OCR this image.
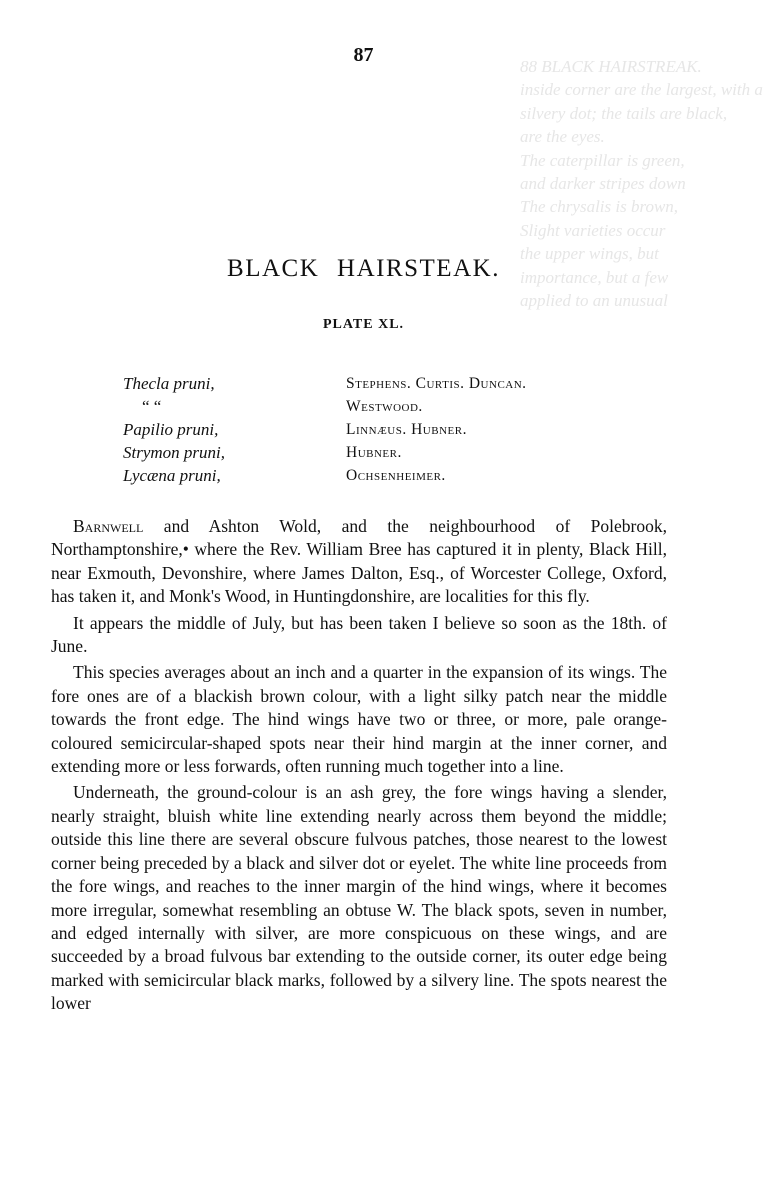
88 BLACK HAIRSTREAK.
inside corner are the largest, with a
silvery dot; the tails are black,
are the eyes.
The caterpillar is green,
and darker stripes down
The chrysalis is brown,
Slight varieties occur
the upper wings, but
importance, but a few
applied to an unusual
87
BLACK HAIRSTEAK.
PLATE XL.
Thecla pruni,	Stephens. Curtis. Duncan.
“ “	Westwood.
Papilio pruni,	Linnæus. Hubner.
Strymon pruni,	Hubner.
Lycæna pruni,	Ochsenheimer.

Barnwell and Ashton Wold, and the neighbourhood of Polebrook, Northamptonshire,• where the Rev. William Bree has captured it in plenty, Black Hill, near Exmouth, Devonshire, where James Dalton, Esq., of Worcester College, Oxford, has taken it, and Monk's Wood, in Huntingdonshire, are localities for this fly.

It appears the middle of July, but has been taken I believe so soon as the 18th. of June.

This species averages about an inch and a quarter in the expansion of its wings. The fore ones are of a blackish brown colour, with a light silky patch near the middle towards the front edge. The hind wings have two or three, or more, pale orange-coloured semicircular-shaped spots near their hind margin at the inner corner, and extending more or less forwards, often running much together into a line.

Underneath, the ground-colour is an ash grey, the fore wings having a slender, nearly straight, bluish white line extending nearly across them beyond the middle; outside this line there are several obscure fulvous patches, those nearest to the lowest corner being preceded by a black and silver dot or eyelet. The white line proceeds from the fore wings, and reaches to the inner margin of the hind wings, where it becomes more irregular, somewhat resembling an obtuse W. The black spots, seven in number, and edged internally with silver, are more conspicuous on these wings, and are succeeded by a broad fulvous bar extending to the outside corner, its outer edge being marked with semicircular black marks, followed by a silvery line. The spots nearest the lower
